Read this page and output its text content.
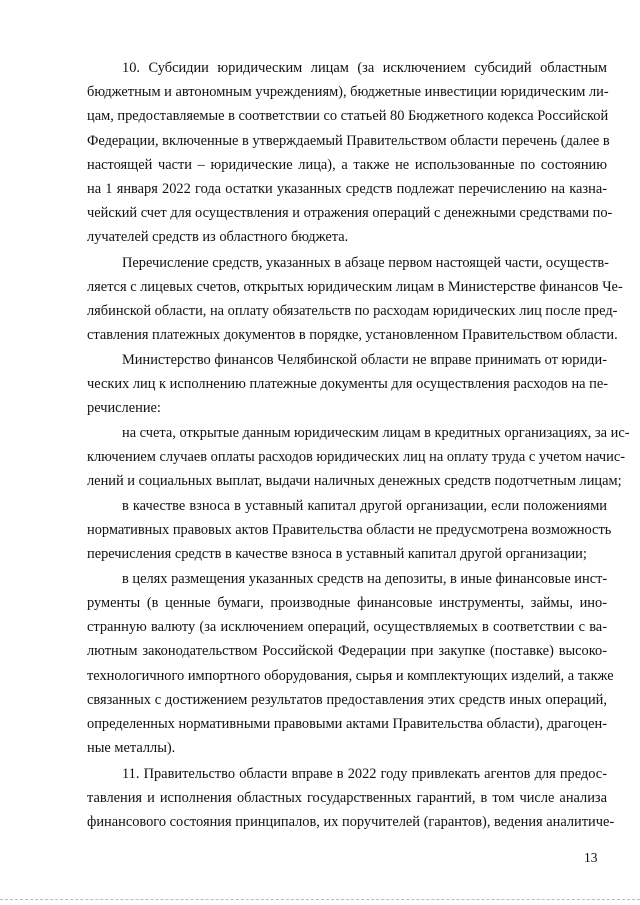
10. Субсидии юридическим лицам (за исключением субсидий областным
бюджетным и автономным учреждениям), бюджетные инвестиции юридическим ли-
цам, предоставляемые в соответствии со статьей 80 Бюджетного кодекса Российской
Федерации, включенные в утверждаемый Правительством области перечень (далее в
настоящей части – юридические лица), а также не использованные по состоянию
на 1 января 2022 года остатки указанных средств подлежат перечислению на казна-
чейский счет для осуществления и отражения операций с денежными средствами по-
лучателей средств из областного бюджета.
Перечисление средств, указанных в абзаце первом настоящей части, осуществ-
ляется с лицевых счетов, открытых юридическим лицам в Министерстве финансов Че-
лябинской области, на оплату обязательств по расходам юридических лиц после пред-
ставления платежных документов в порядке, установленном Правительством области.
Министерство финансов Челябинской области не вправе принимать от юриди-
ческих лиц к исполнению платежные документы для осуществления расходов на пе-
речисление:
на счета, открытые данным юридическим лицам в кредитных организациях, за ис-
ключением случаев оплаты расходов юридических лиц на оплату труда с учетом начис-
лений и социальных выплат, выдачи наличных денежных средств подотчетным лицам;
в качестве взноса в уставный капитал другой организации, если положениями
нормативных правовых актов Правительства области не предусмотрена возможность
перечисления средств в качестве взноса в уставный капитал другой организации;
в целях размещения указанных средств на депозиты, в иные финансовые инст-
рументы (в ценные бумаги, производные финансовые инструменты, займы, ино-
странную валюту (за исключением операций, осуществляемых в соответствии с ва-
лютным законодательством Российской Федерации при закупке (поставке) высоко-
технологичного импортного оборудования, сырья и комплектующих изделий, а также
связанных с достижением результатов предоставления этих средств иных операций,
определенных нормативными правовыми актами Правительства области), драгоцен-
ные металлы).
11. Правительство области вправе в 2022 году привлекать агентов для предос-
тавления и исполнения областных государственных гарантий, в том числе анализа
финансового состояния принципалов, их поручителей (гарантов), ведения аналитиче-
13
